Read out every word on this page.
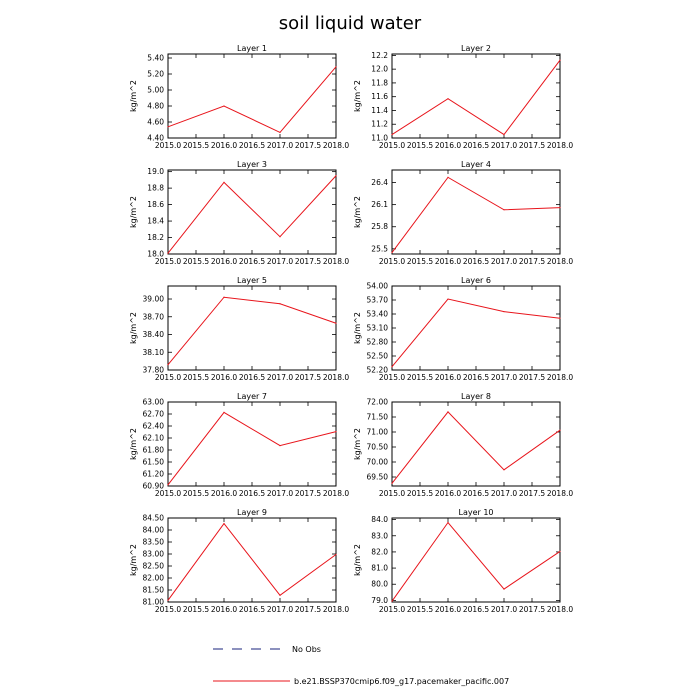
soil liquid water
Layer 1
kg/m^2
2015.0 2015.5 2016.0 2016.5 2017.0 2017.5 2018.0
4.40
4.60
4.80
5.00
5.20
5.40
Layer 2
kg/m^2
2015.0 2015.5 2016.0 2016.5 2017.0 2017.5 2018.0
11.0
11.2
11.4
11.6
11.8
12.0
12.2
Layer 3
kg/m^2
2015.0 2015.5 2016.0 2016.5 2017.0 2017.5 2018.0
18.0
18.2
18.4
18.6
18.8
19.0
Layer 4
kg/m^2
2015.0 2015.5 2016.0 2016.5 2017.0 2017.5 2018.0
25.5
25.8
26.1
26.4
Layer 5
kg/m^2
2015.0 2015.5 2016.0 2016.5 2017.0 2017.5 2018.0
37.80
38.10
38.40
38.70
39.00
Layer 6
kg/m^2
2015.0 2015.5 2016.0 2016.5 2017.0 2017.5 2018.0
52.20
52.50
52.80
53.10
53.40
53.70
54.00
Layer 7
kg/m^2
2015.0 2015.5 2016.0 2016.5 2017.0 2017.5 2018.0
60.90
61.20
61.50
61.80
62.10
62.40
62.70
63.00
Layer 8
kg/m^2
2015.0 2015.5 2016.0 2016.5 2017.0 2017.5 2018.0
69.50
70.00
70.50
71.00
71.50
72.00
Layer 9
kg/m^2
2015.0 2015.5 2016.0 2016.5 2017.0 2017.5 2018.0
81.00
81.50
82.00
82.50
83.00
83.50
84.00
84.50
Layer 10
kg/m^2
2015.0 2015.5 2016.0 2016.5 2017.0 2017.5 2018.0
79.0
80.0
81.0
82.0
83.0
84.0
No Obs
b.e21.BSSP370cmip6.f09_g17.pacemaker_pacific.007
